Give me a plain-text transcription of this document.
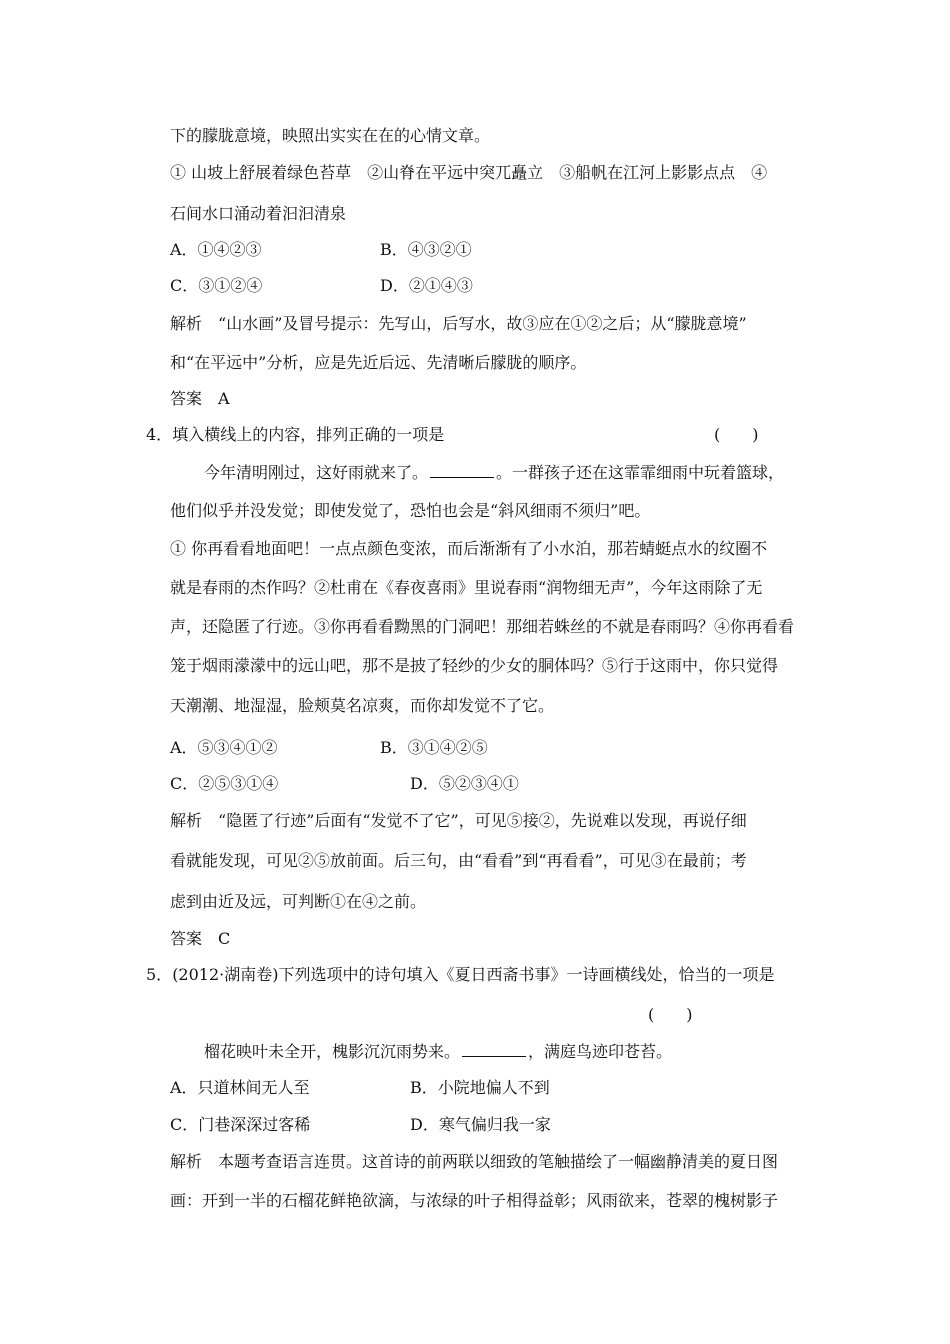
下的朦胧意境，映照出实实在在的心情文章。
① 山坡上舒展着绿色苔草　②山脊在平远中突兀矗立　③船帆在江河上影影点点　④
石间水口涌动着汩汩清泉
A．①④②③	B．④③②①
C．③①②④	D．②①④③
解析 “山水画”及冒号提示：先写山，后写水，故③应在①②之后；从“朦胧意境”
和“在平远中”分析，应是先近后远、先清晰后朦胧的顺序。
答案 A
4．填入横线上的内容，排列正确的一项是	(　　)
今年清明刚过，这好雨就来了。	。一群孩子还在这霏霏细雨中玩着篮球，
他们似乎并没发觉；即使发觉了，恐怕也会是“斜风细雨不须归”吧。
① 你再看看地面吧！一点点颜色变浓，而后渐渐有了小水泊，那若蜻蜓点水的纹圈不
就是春雨的杰作吗？②杜甫在《春夜喜雨》里说春雨“润物细无声”，今年这雨除了无
声，还隐匿了行迹。③你再看看黝黑的门洞吧！那细若蛛丝的不就是春雨吗？④你再看看
笼于烟雨濛濛中的远山吧，那不是披了轻纱的少女的胴体吗？⑤行于这雨中，你只觉得
天潮潮、地湿湿，脸颊莫名凉爽，而你却发觉不了它。
A．⑤③④①②	B．③①④②⑤
C．②⑤③①④	D．⑤②③④①
解析 “隐匿了行迹”后面有“发觉不了它”，可见⑤接②，先说难以发现，再说仔细
看就能发现，可见②⑤放前面。后三句，由“看看”到“再看看”，可见③在最前；考
虑到由近及远，可判断①在④之前。
答案 C
5．(2012·湖南卷)下列选项中的诗句填入《夏日西斋书事》一诗画横线处，恰当的一项是
(　　)
榴花映叶未全开，槐影沉沉雨势来。	，满庭鸟迹印苍苔。
A．只道林间无人至	B．小院地偏人不到
C．门巷深深过客稀	D．寒气偏归我一家
解析 本题考查语言连贯。这首诗的前两联以细致的笔触描绘了一幅幽静清美的夏日图
画：开到一半的石榴花鲜艳欲滴，与浓绿的叶子相得益彰；风雨欲来，苍翠的槐树影子
